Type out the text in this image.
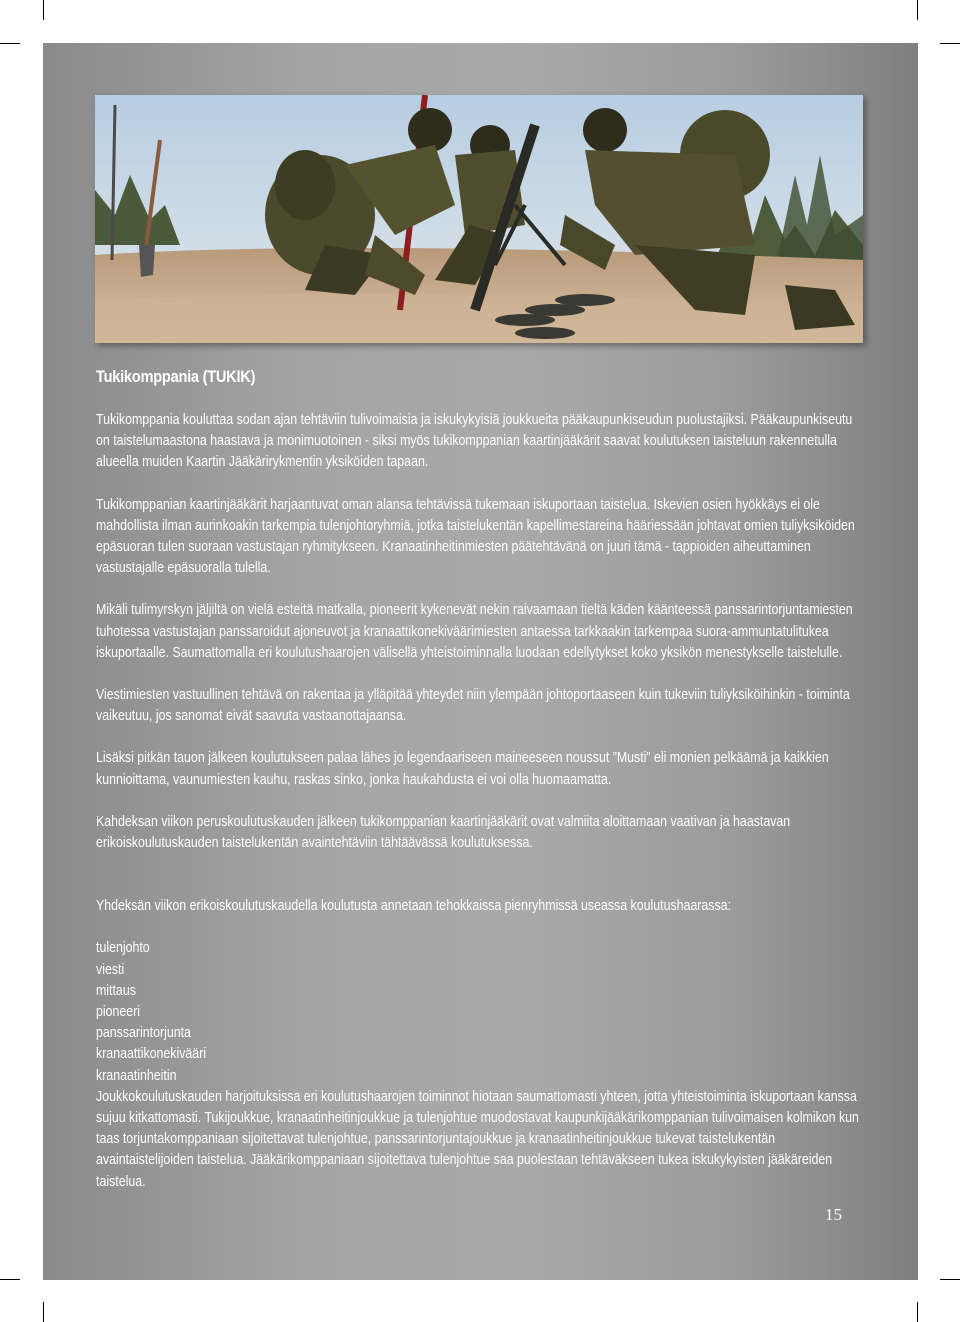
Tukikomppania (TUKIK)

Tukikomppania kouluttaa sodan ajan tehtäviin tulivoimaisia ja iskukykyisiä joukkueita pääkaupunkiseudun puolustajiksi. Pääkaupunkiseutu on taistelumaastona haastava ja monimuotoinen - siksi myös tukikomppanian kaartinjääkärit saavat koulutuksen taisteluun rakennetulla alueella muiden Kaartin Jääkärirykmentin yksiköiden tapaan.

Tukikomppanian kaartinjääkärit harjaantuvat oman alansa tehtävissä tukemaan iskuportaan taistelua. Iskevien osien hyökkäys ei ole mahdollista ilman aurinkoakin tarkempia tulenjohtoryhmiä, jotka taistelukentän kapellimestareina hääriessään johtavat omien tuliyksiköiden epäsuoran tulen suoraan vastustajan ryhmitykseen. Kranaatinheitinmiesten päätehtävänä on juuri tämä - tappioiden aiheuttaminen vastustajalle epäsuoralla tulella.

Mikäli tulimyrskyn jäljiltä on vielä esteitä matkalla, pioneerit kykenevät nekin raivaamaan tieltä käden käänteessä panssarintorjuntamiesten tuhotessa vastustajan panssaroidut ajoneuvot ja kranaattikonekiväärimiesten antaessa tarkkaakin tarkempaa suora-ammuntatulitukea iskuportaalle. Saumattomalla eri koulutushaarojen välisellä yhteistoiminnalla luodaan edellytykset koko yksikön menestykselle taistelulle.

Viestimiesten vastuullinen tehtävä on rakentaa ja ylläpitää yhteydet niin ylempään johtoportaaseen kuin tukeviin tuliyksiköihinkin - toiminta vaikeutuu, jos sanomat eivät saavuta vastaanottajaansa.

Lisäksi pitkän tauon jälkeen koulutukseen palaa lähes jo legendaariseen maineeseen noussut ”Musti” eli monien pelkäämä ja kaikkien kunnioittama, vaunumiesten kauhu, raskas sinko, jonka haukahdusta ei voi olla huomaamatta.

Kahdeksan viikon peruskoulutuskauden jälkeen tukikomppanian kaartinjääkärit ovat valmiita aloittamaan vaativan ja haastavan erikoiskoulutuskauden taistelukentän avaintehtäviin tähtäävässä koulutuksessa.

Yhdeksän viikon erikoiskoulutuskaudella koulutusta annetaan tehokkaissa pienryhmissä useassa koulutushaarassa:

tulenjohto

viesti

mittaus

pioneeri

panssarintorjunta

kranaattikonekivääri

kranaatinheitin

Joukkokoulutuskauden harjoituksissa eri koulutushaarojen toiminnot hiotaan saumattomasti yhteen, jotta yhteistoiminta iskuportaan kanssa sujuu kitkattomasti. Tukijoukkue, kranaatinheitinjoukkue ja tulenjohtue muodostavat kaupunkijääkärikomppanian tulivoimaisen kolmikon kun taas torjuntakomppaniaan sijoitettavat tulenjohtue, panssarintorjuntajoukkue ja kranaatinheitinjoukkue tukevat taistelukentän avaintaistelijoiden taistelua. Jääkärikomppaniaan sijoitettava tulenjohtue saa puolestaan tehtäväkseen tukea iskukykyisten jääkäreiden taistelua.

15
